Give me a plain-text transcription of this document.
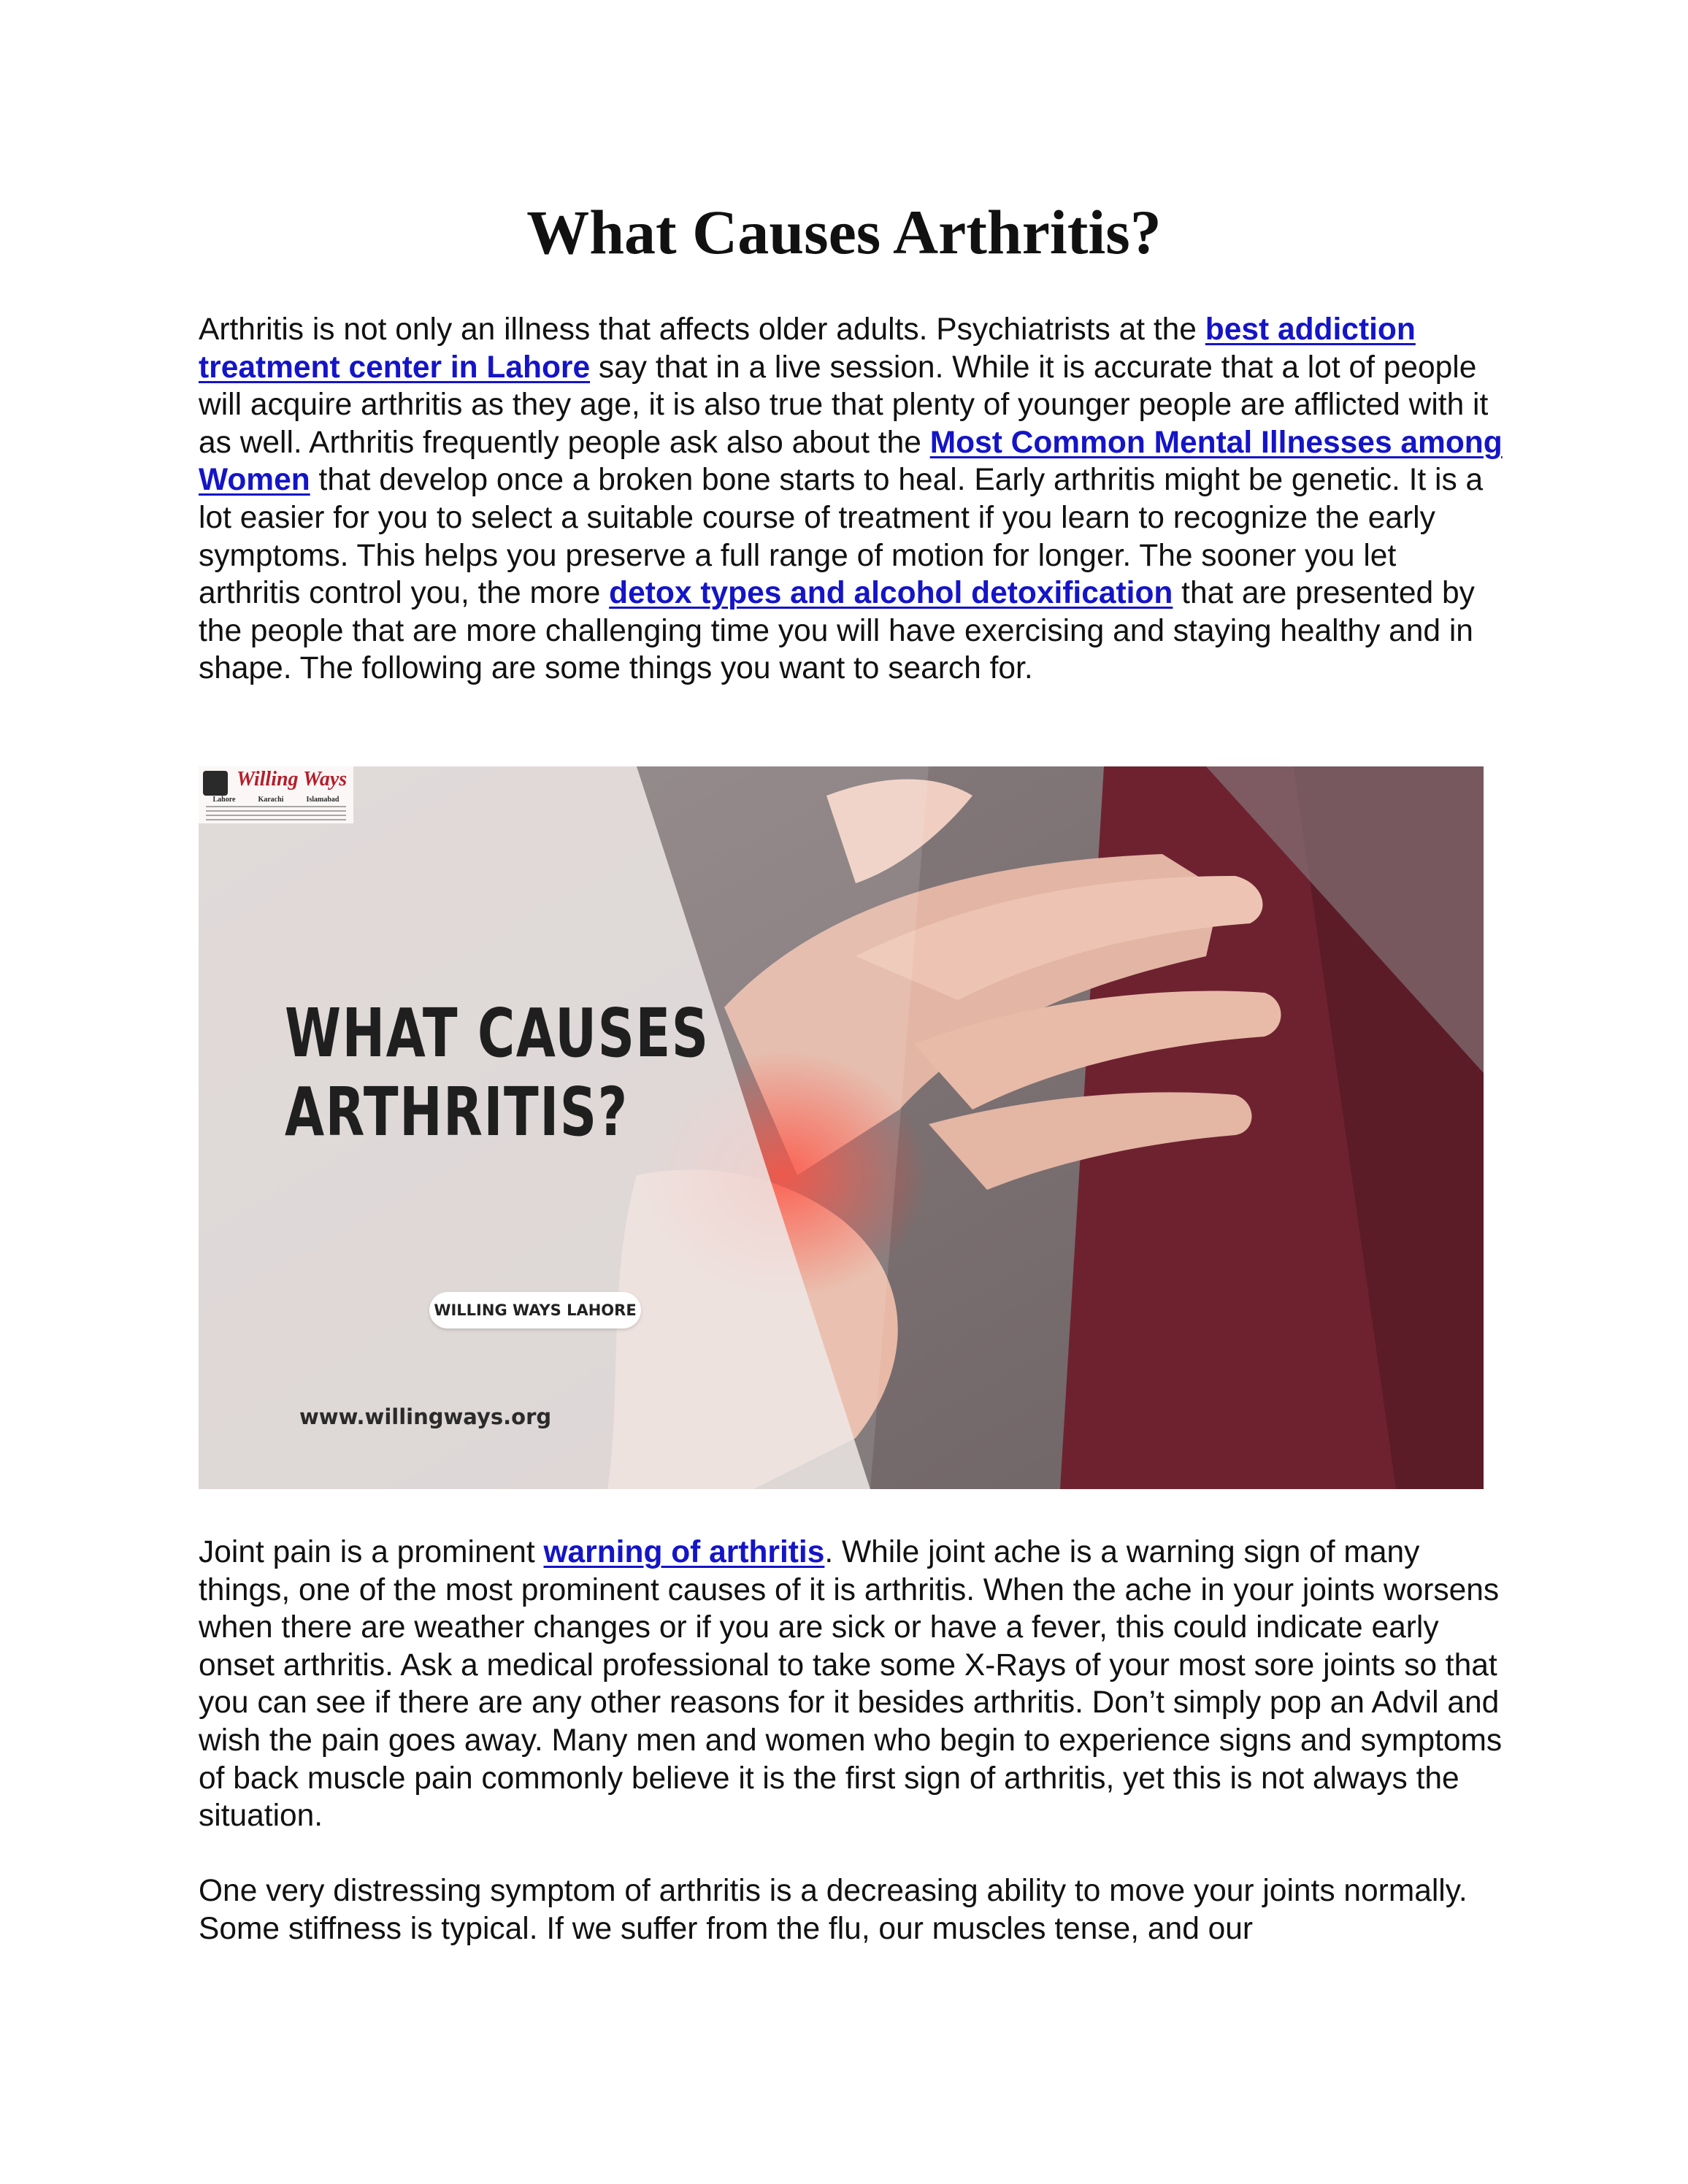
What Causes Arthritis?

Arthritis is not only an illness that affects older adults. Psychiatrists at the best addiction treatment center in Lahore say that in a live session. While it is accurate that a lot of people will acquire arthritis as they age, it is also true that plenty of younger people are afflicted with it as well. Arthritis frequently people ask also about the Most Common Mental Illnesses among Women that develop once a broken bone starts to heal. Early arthritis might be genetic. It is a lot easier for you to select a suitable course of treatment if you learn to recognize the early symptoms. This helps you preserve a full range of motion for longer. The sooner you let arthritis control you, the more detox types and alcohol detoxification that are presented by the people that are more challenging time you will have exercising and staying healthy and in shape. The following are some things you want to search for.

Willing Ways
Lahore	Karachi	Islamabad
WHAT CAUSES
ARTHRITIS?
WILLING WAYS LAHORE
www.willingways.org

Joint pain is a prominent warning of arthritis. While joint ache is a warning sign of many things, one of the most prominent causes of it is arthritis. When the ache in your joints worsens when there are weather changes or if you are sick or have a fever, this could indicate early onset arthritis. Ask a medical professional to take some X-Rays of your most sore joints so that you can see if there are any other reasons for it besides arthritis. Don’t simply pop an Advil and wish the pain goes away. Many men and women who begin to experience signs and symptoms of back muscle pain commonly believe it is the first sign of arthritis, yet this is not always the situation.

One very distressing symptom of arthritis is a decreasing ability to move your joints normally. Some stiffness is typical. If we suffer from the flu, our muscles tense, and our
